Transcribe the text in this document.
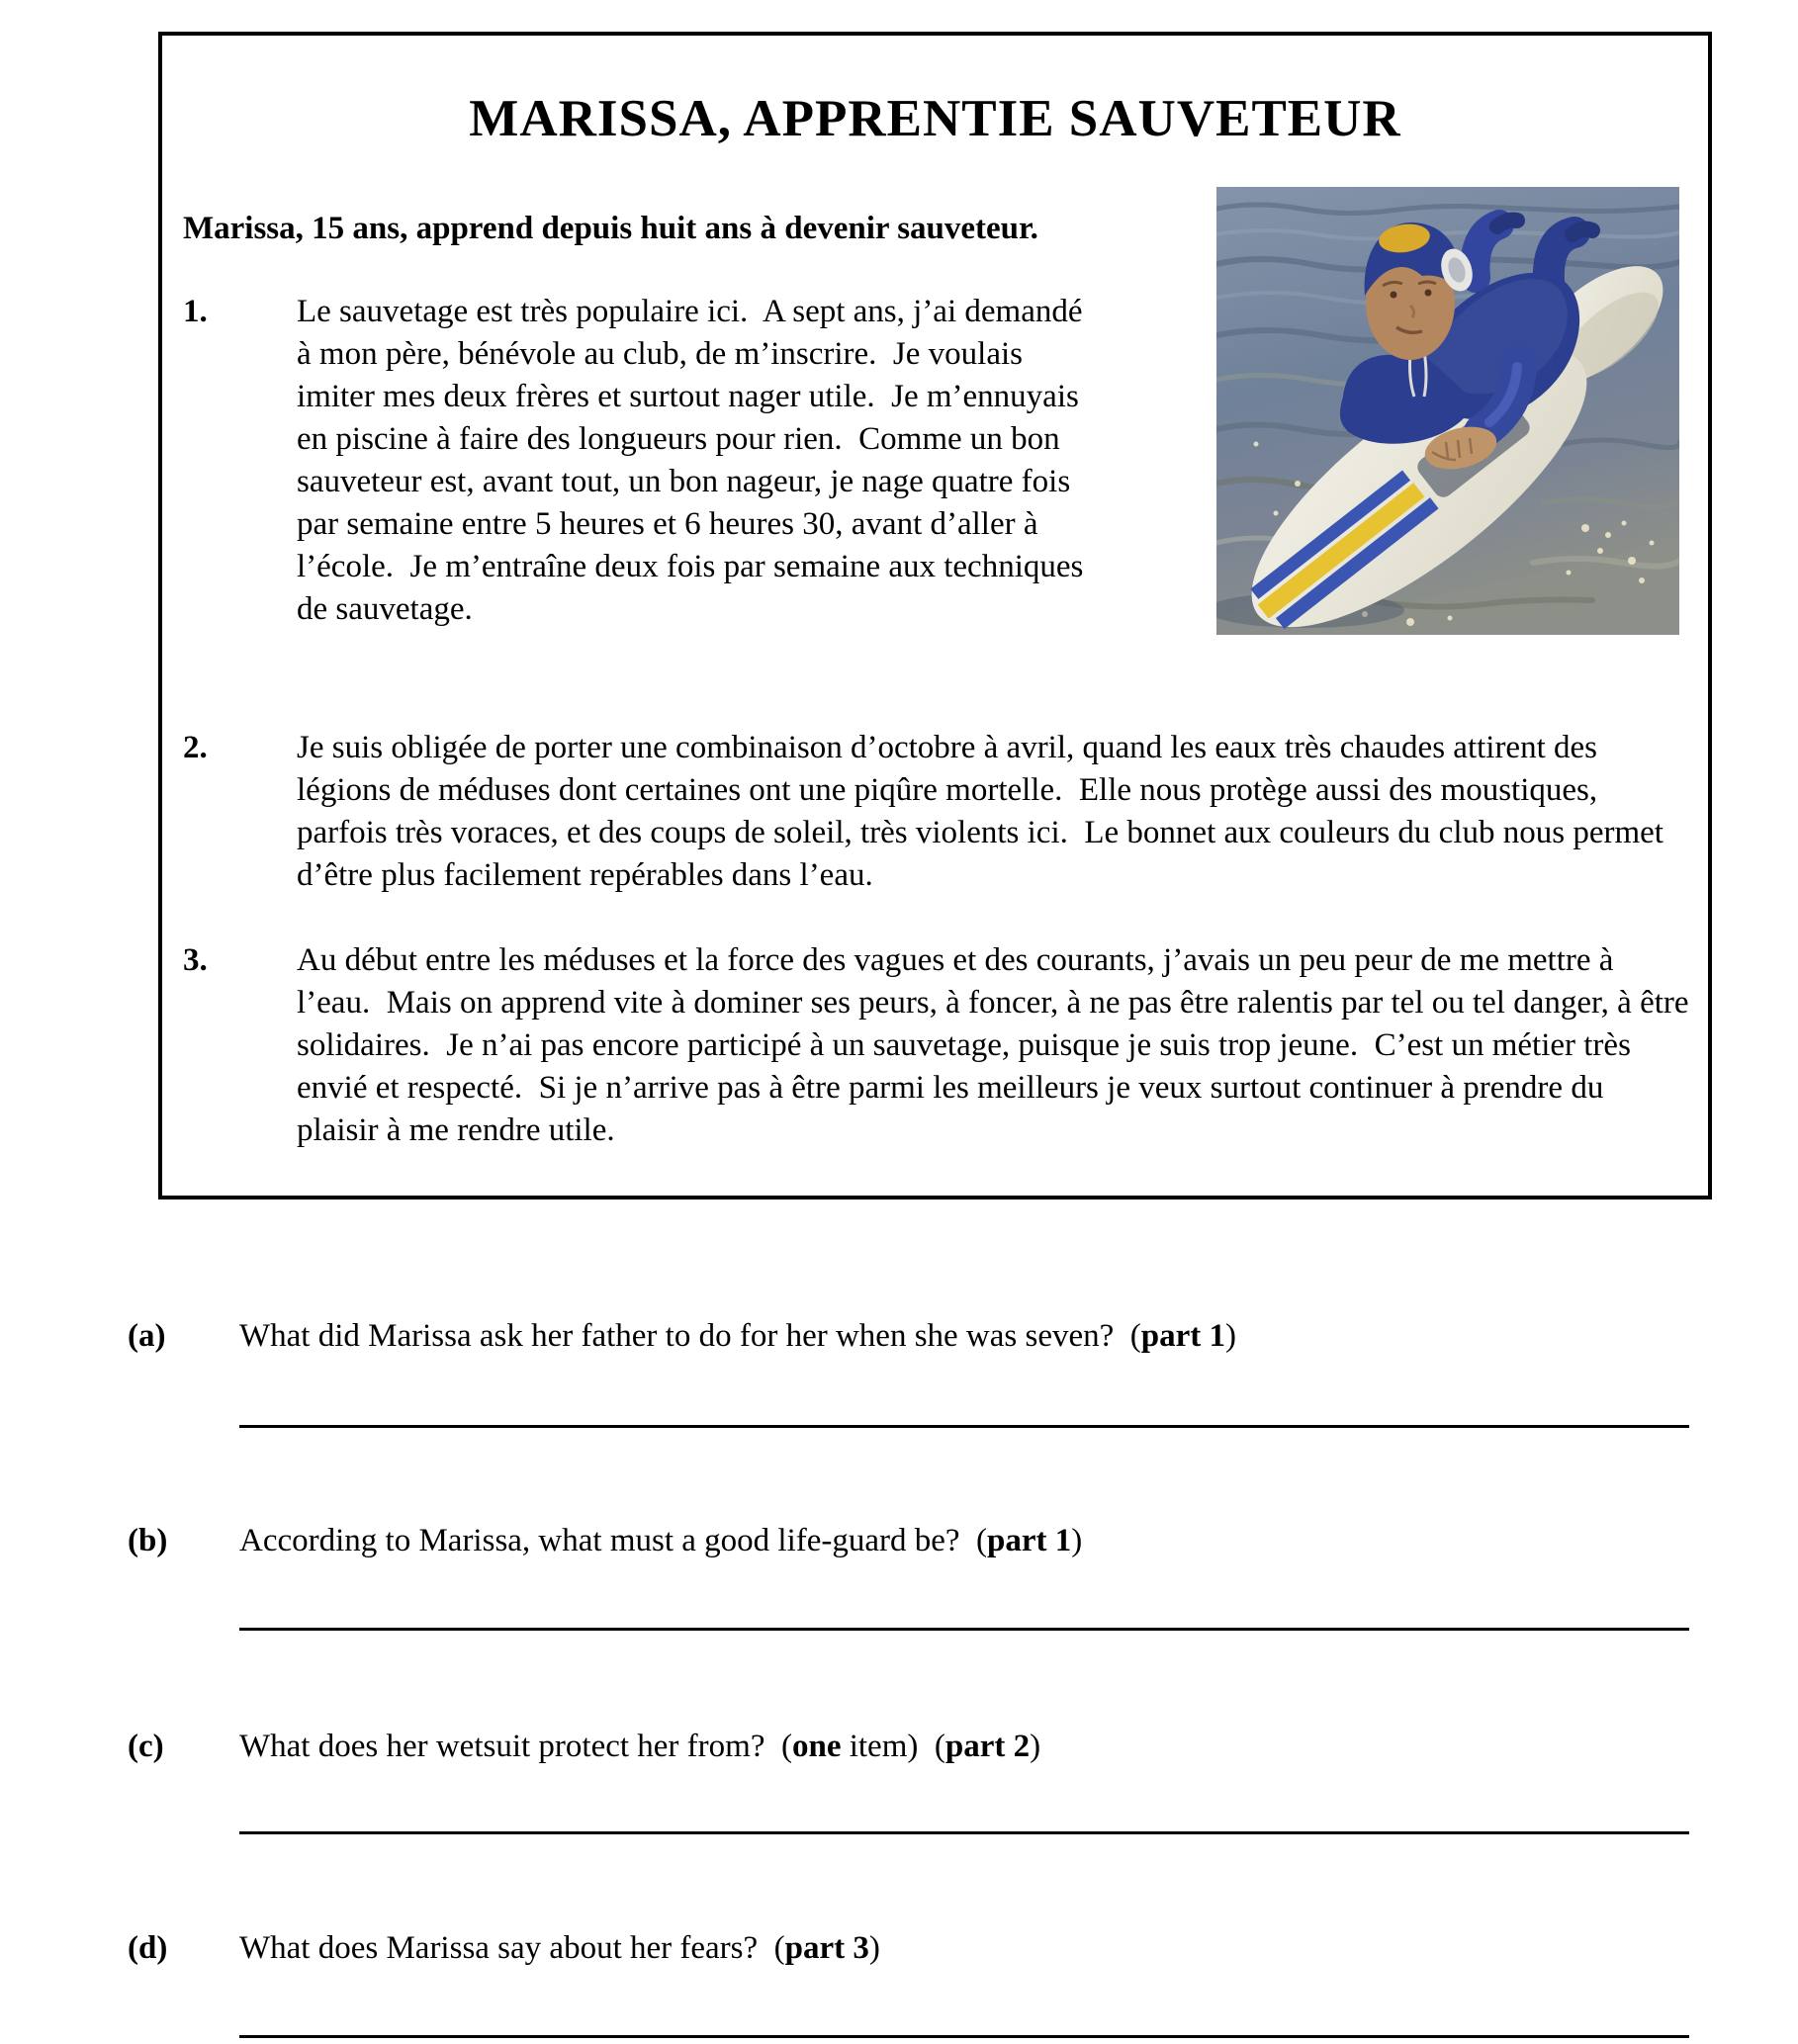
MARISSA, APPRENTIE SAUVETEUR
Marissa, 15 ans, apprend depuis huit ans à devenir sauveteur.
1.	Le sauvetage est très populaire ici.  A sept ans, j’ai demandé à mon père, bénévole au club, de m’inscrire.  Je voulais imiter mes deux frères et surtout nager utile.  Je m’ennuyais en piscine à faire des longueurs pour rien.  Comme un bon sauveteur est, avant tout, un bon nageur, je nage quatre fois par semaine entre 5 heures et 6 heures 30, avant d’aller à l’école.  Je m’entraîne deux fois par semaine aux techniques de sauvetage.
2.	Je suis obligée de porter une combinaison d’octobre à avril, quand les eaux très chaudes attirent des légions de méduses dont certaines ont une piqûre mortelle.  Elle nous protège aussi des moustiques, parfois très voraces, et des coups de soleil, très violents ici.  Le bonnet aux couleurs du club nous permet d’être plus facilement repérables dans l’eau.
3.	Au début entre les méduses et la force des vagues et des courants, j’avais un peu peur de me mettre à l’eau.  Mais on apprend vite à dominer ses peurs, à foncer, à ne pas être ralentis par tel ou tel danger, à être solidaires.  Je n’ai pas encore participé à un sauvetage, puisque je suis trop jeune.  C’est un métier très envié et respecté.  Si je n’arrive pas à être parmi les meilleurs je veux surtout continuer à prendre du plaisir à me rendre utile.
(a)	What did Marissa ask her father to do for her when she was seven?  (part 1)
(b)	According to Marissa, what must a good life-guard be?  (part 1)
(c)	What does her wetsuit protect her from?  (one item)  (part 2)
(d)	What does Marissa say about her fears?  (part 3)
